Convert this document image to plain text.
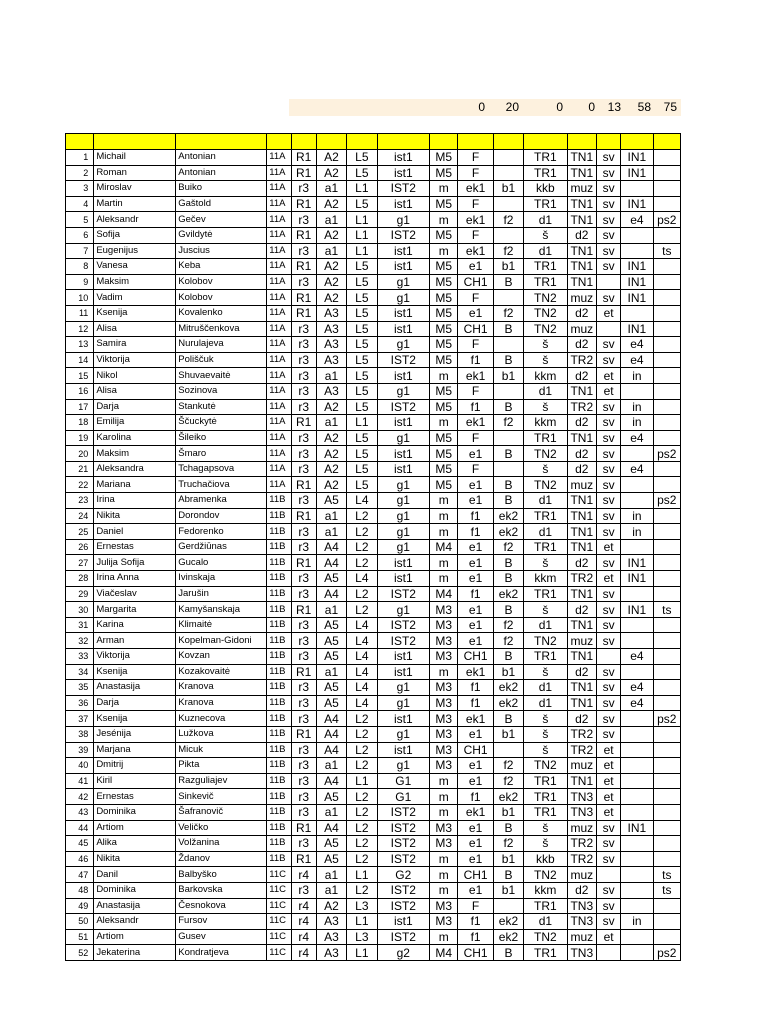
0	20	0	0	13	58	75

1	Michail	Antonian	11A	R1	A2	L5	ist1	M5	F		TR1	TN1	sv	IN1	
2	Roman	Antonian	11A	R1	A2	L5	ist1	M5	F		TR1	TN1	sv	IN1	
3	Miroslav	Buiko	11A	r3	a1	L1	IST2	m	ek1	b1	kkb	muz	sv		
4	Martin	Gaštold	11A	R1	A2	L5	ist1	M5	F		TR1	TN1	sv	IN1	
5	Aleksandr	Gečev	11A	r3	a1	L1	g1	m	ek1	f2	d1	TN1	sv	e4	ps2
6	Sofija	Gvildytė	11A	R1	A2	L1	IST2	M5	F		š	d2	sv		
7	Eugenijus	Juscius	11A	r3	a1	L1	ist1	m	ek1	f2	d1	TN1	sv		ts
8	Vanesa	Keba	11A	R1	A2	L5	ist1	M5	e1	b1	TR1	TN1	sv	IN1	
9	Maksim	Kolobov	11A	r3	A2	L5	g1	M5	CH1	B	TR1	TN1		IN1	
10	Vadim	Kolobov	11A	R1	A2	L5	g1	M5	F		TN2	muz	sv	IN1	
11	Ksenija	Kovalenko	11A	R1	A3	L5	ist1	M5	e1	f2	TN2	d2	et		
12	Alisa	Mitruščenkova	11A	r3	A3	L5	ist1	M5	CH1	B	TN2	muz		IN1	
13	Samira	Nurulajeva	11A	r3	A3	L5	g1	M5	F		š	d2	sv	e4	
14	Viktorija	Poliščuk	11A	r3	A3	L5	IST2	M5	f1	B	š	TR2	sv	e4	
15	Nikol	Shuvaevaitė	11A	r3	a1	L5	ist1	m	ek1	b1	kkm	d2	et	in	
16	Alisa	Sozinova	11A	r3	A3	L5	g1	M5	F		d1	TN1	et		
17	Darja	Stankutė	11A	r3	A2	L5	IST2	M5	f1	B	š	TR2	sv	in	
18	Emilija	Ščuckytė	11A	R1	a1	L1	ist1	m	ek1	f2	kkm	d2	sv	in	
19	Karolina	Šileiko	11A	r3	A2	L5	g1	M5	F		TR1	TN1	sv	e4	
20	Maksim	Šmaro	11A	r3	A2	L5	ist1	M5	e1	B	TN2	d2	sv		ps2
21	Aleksandra	Tchagapsova	11A	r3	A2	L5	ist1	M5	F		š	d2	sv	e4	
22	Mariana	Truchačiova	11A	R1	A2	L5	g1	M5	e1	B	TN2	muz	sv		
23	Irina	Abramenka	11B	r3	A5	L4	g1	m	e1	B	d1	TN1	sv		ps2
24	Nikita	Dorondov	11B	R1	a1	L2	g1	m	f1	ek2	TR1	TN1	sv	in	
25	Daniel	Fedorenko	11B	r3	a1	L2	g1	m	f1	ek2	d1	TN1	sv	in	
26	Ernestas	Gerdžiūnas	11B	r3	A4	L2	g1	M4	e1	f2	TR1	TN1	et		
27	Julija Sofija	Gucalo	11B	R1	A4	L2	ist1	m	e1	B	š	d2	sv	IN1	
28	Irina Anna	Ivinskaja	11B	r3	A5	L4	ist1	m	e1	B	kkm	TR2	et	IN1	
29	Viačeslav	Jarušin	11B	r3	A4	L2	IST2	M4	f1	ek2	TR1	TN1	sv		
30	Margarita	Kamyšanskaja	11B	R1	a1	L2	g1	M3	e1	B	š	d2	sv	IN1	ts
31	Karina	Klimaitė	11B	r3	A5	L4	IST2	M3	e1	f2	d1	TN1	sv		
32	Arman	Kopelman-Gidoni	11B	r3	A5	L4	IST2	M3	e1	f2	TN2	muz	sv		
33	Viktorija	Kovzan	11B	r3	A5	L4	ist1	M3	CH1	B	TR1	TN1		e4	
34	Ksenija	Kozakovaitė	11B	R1	a1	L4	ist1	m	ek1	b1	š	d2	sv		
35	Anastasija	Kranova	11B	r3	A5	L4	g1	M3	f1	ek2	d1	TN1	sv	e4	
36	Darja	Kranova	11B	r3	A5	L4	g1	M3	f1	ek2	d1	TN1	sv	e4	
37	Ksenija	Kuznecova	11B	r3	A4	L2	ist1	M3	ek1	B	š	d2	sv		ps2
38	Jesénija	Lužkova	11B	R1	A4	L2	g1	M3	e1	b1	š	TR2	sv		
39	Marjana	Micuk	11B	r3	A4	L2	ist1	M3	CH1		š	TR2	et		
40	Dmitrij	Pikta	11B	r3	a1	L2	g1	M3	e1	f2	TN2	muz	et		
41	Kiril	Razguliajev	11B	r3	A4	L1	G1	m	e1	f2	TR1	TN1	et		
42	Ernestas	Sinkevič	11B	r3	A5	L2	G1	m	f1	ek2	TR1	TN3	et		
43	Dominika	Šafranovič	11B	r3	a1	L2	IST2	m	ek1	b1	TR1	TN3	et		
44	Artiom	Veličko	11B	R1	A4	L2	IST2	M3	e1	B	š	muz	sv	IN1	
45	Alika	Volžanina	11B	r3	A5	L2	IST2	M3	e1	f2	š	TR2	sv		
46	Nikita	Ždanov	11B	R1	A5	L2	IST2	m	e1	b1	kkb	TR2	sv		
47	Danil	Balbyško	11C	r4	a1	L1	G2	m	CH1	B	TN2	muz			ts
48	Dominika	Barkovska	11C	r3	a1	L2	IST2	m	e1	b1	kkm	d2	sv		ts
49	Anastasija	Česnokova	11C	r4	A2	L3	IST2	M3	F		TR1	TN3	sv		
50	Aleksandr	Fursov	11C	r4	A3	L1	ist1	M3	f1	ek2	d1	TN3	sv	in	
51	Artiom	Gusev	11C	r4	A3	L3	IST2	m	f1	ek2	TN2	muz	et		
52	Jekaterina	Kondratjeva	11C	r4	A3	L1	g2	M4	CH1	B	TR1	TN3			ps2
